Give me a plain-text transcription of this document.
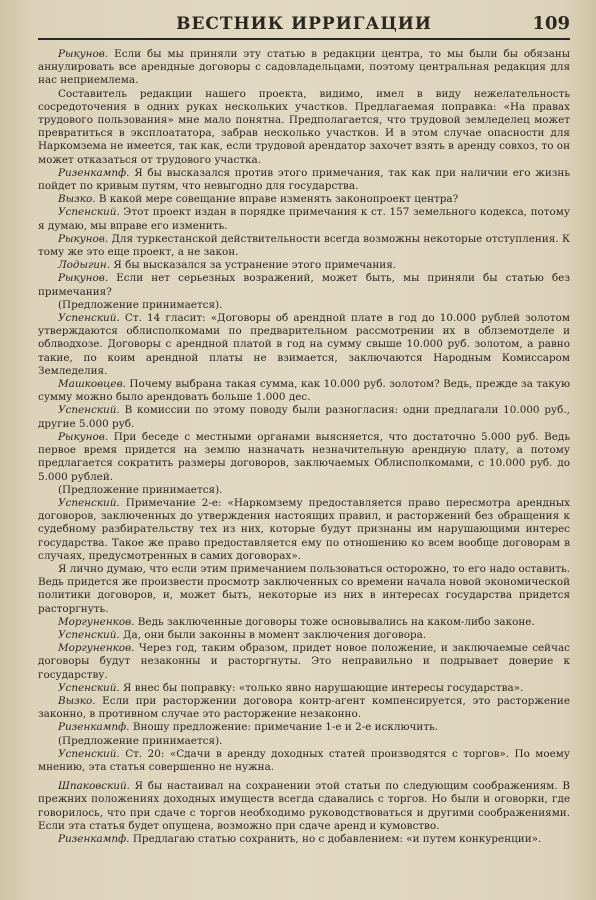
ВЕСТНИК ИРРИГАЦИИ	109

Рыкунов. Если бы мы приняли эту статью в редакции центра, то мы были бы обязаны аннулировать все арендные договоры с садовладельцами, поэтому центральная редакция для нас неприемлема.

Составитель редакции нашего проекта, видимо, имел в виду нежелательность сосредоточения в одних руках нескольких участков. Предлагаемая поправка: «На правах трудового пользования» мне мало понятна. Предполагается, что трудовой земледелец может превратиться в эксплоататора, забрав несколько участков. И в этом случае опасности для Наркомзема не имеется, так как, если трудовой арендатор захочет взять в аренду совхоз, то он может отказаться от трудового участка.

Ризенкампф. Я бы высказался против этого примечания, так как при наличии его жизнь пойдет по кривым путям, что невыгодно для государства.

Вызко. В какой мере совещание вправе изменять законопроект центра?

Успенский. Этот проект издан в порядке примечания к ст. 157 земельного кодекса, потому я думаю, мы вправе его изменить.

Рыкунов. Для туркестанской действительности всегда возможны некоторые отступления. К тому же это еще проект, а не закон.

Лодыгин. Я бы высказался за устранение этого примечания.

Рыкунов. Если нет серьезных возражений, может быть, мы приняли бы статью без примечания?

(Предложение принимается).

Успенский. Ст. 14 гласит: «Договоры об арендной плате в год до 10.000 рублей золотом утверждаются облисполкомами по предварительном рассмотрении их в облземотделе и облводхозе. Договоры с арендной платой в год на сумму свыше 10.000 руб. золотом, а равно такие, по коим арендной платы не взимается, заключаются Народным Комиссаром Земледелия.

Машковцев. Почему выбрана такая сумма, как 10.000 руб. золотом? Ведь, прежде за такую сумму можно было арендовать больше 1.000 дес.

Успенский. В комиссии по этому поводу были разногласия: одни предлагали 10.000 руб., другие 5.000 руб.

Рыкунов. При беседе с местными органами выясняется, что достаточно 5.000 руб. Ведь первое время придется на землю назначать незначительную арендную плату, а потому предлагается сократить размеры договоров, заключаемых Облисполкомами, с 10.000 руб. до 5.000 рублей.

(Предложение принимается).

Успенский. Примечание 2-е: «Наркомзему предоставляется право пересмотра арендных договоров, заключенных до утверждения настоящих правил, и расторжений без обращения к судебному разбирательству тех из них, которые будут признаны им нарушающими интерес государства. Такое же право предоставляется ему по отношению ко всем вообще договорам в случаях, предусмотренных в самих договорах».

Я лично думаю, что если этим примечанием пользоваться осторожно, то его надо оставить. Ведь придется же произвести просмотр заключенных со времени начала новой экономической политики договоров, и, может быть, некоторые из них в интересах государства придется расторгнуть.

Моргуненков. Ведь заключенные договоры тоже основывались на каком-либо законе.

Успенский. Да, они были законны в момент заключения договора.

Моргуненков. Через год, таким образом, придет новое положение, и заключаемые сейчас договоры будут незаконны и расторгнуты. Это неправильно и подрывает доверие к государству.

Успенский. Я внес бы поправку: «только явно нарушающие интересы государства».

Вызко. Если при расторжении договора контр-агент компенсируется, это расторжение законно, в противном случае это расторжение незаконно.

Ризенкампф. Вношу предложение: примечание 1-е и 2-е исключить.

(Предложение принимается).

Успенский. Ст. 20: «Сдачи в аренду доходных статей производятся с торгов». По моему мнению, эта статья совершенно не нужна.

Шпаковский. Я бы настаивал на сохранении этой статьи по следующим соображениям. В прежних положениях доходных имуществ всегда сдавались с торгов. Но были и оговорки, где говорилось, что при сдаче с торгов необходимо руководствоваться и другими соображениями. Если эта статья будет опущена, возможно при сдаче аренд и кумовство.

Ризенкампф. Предлагаю статью сохранить, но с добавлением: «и путем конкуренции».
